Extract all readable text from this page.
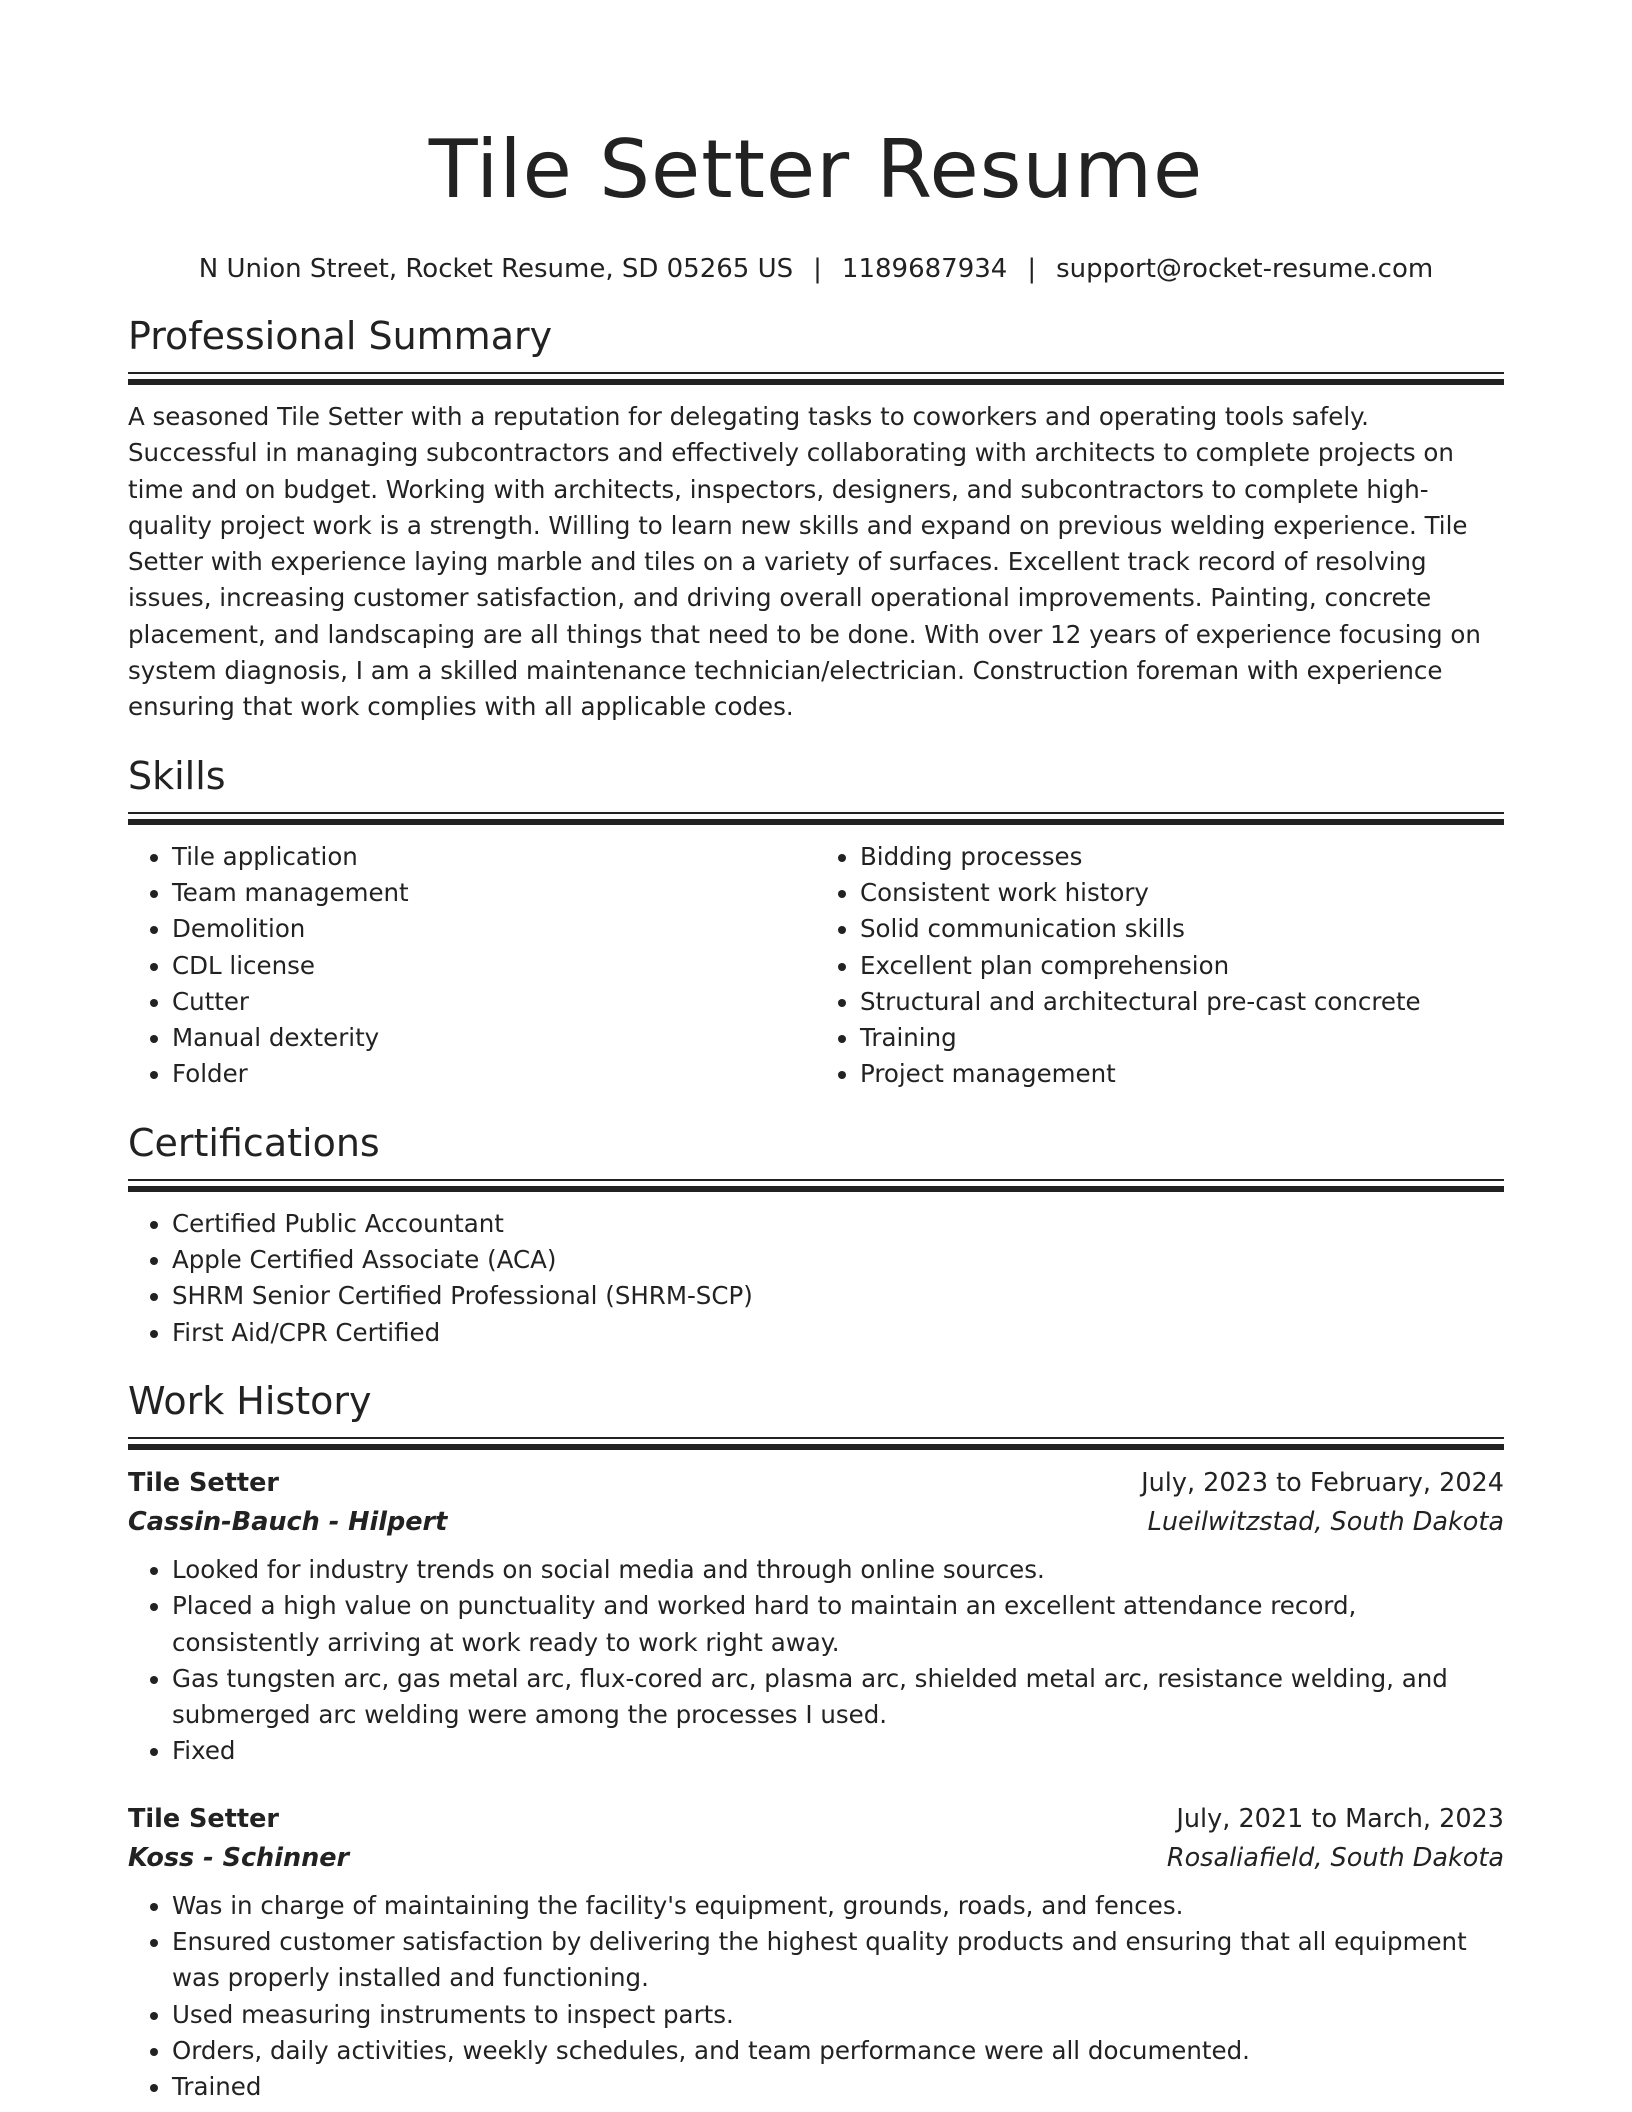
Tile Setter Resume
N Union Street, Rocket Resume, SD 05265 US | 1189687934 | support@rocket-resume.com
Professional Summary

A seasoned Tile Setter with a reputation for delegating tasks to coworkers and operating tools safely. Successful in managing subcontractors and effectively collaborating with architects to complete projects on time and on budget. Working with architects, inspectors, designers, and subcontractors to complete high-quality project work is a strength. Willing to learn new skills and expand on previous welding experience. Tile Setter with experience laying marble and tiles on a variety of surfaces. Excellent track record of resolving issues, increasing customer satisfaction, and driving overall operational improvements. Painting, concrete placement, and landscaping are all things that need to be done. With over 12 years of experience focusing on system diagnosis, I am a skilled maintenance technician/electrician. Construction foreman with experience ensuring that work complies with all applicable codes.

Skills
• Tile application
• Team management
• Demolition
• CDL license
• Cutter
• Manual dexterity
• Folder
• Bidding processes
• Consistent work history
• Solid communication skills
• Excellent plan comprehension
• Structural and architectural pre-cast concrete
• Training
• Project management
Certifications
• Certified Public Accountant
• Apple Certified Associate (ACA)
• SHRM Senior Certified Professional (SHRM-SCP)
• First Aid/CPR Certified
Work History
Tile Setter	July, 2023 to February, 2024
Cassin-Bauch - Hilpert	Lueilwitzstad, South Dakota
• Looked for industry trends on social media and through online sources.
• Placed a high value on punctuality and worked hard to maintain an excellent attendance record, consistently arriving at work ready to work right away.
• Gas tungsten arc, gas metal arc, flux-cored arc, plasma arc, shielded metal arc, resistance welding, and submerged arc welding were among the processes I used.
• Fixed
Tile Setter	July, 2021 to March, 2023
Koss - Schinner	Rosaliafield, South Dakota
• Was in charge of maintaining the facility's equipment, grounds, roads, and fences.
• Ensured customer satisfaction by delivering the highest quality products and ensuring that all equipment was properly installed and functioning.
• Used measuring instruments to inspect parts.
• Orders, daily activities, weekly schedules, and team performance were all documented.
• Trained
